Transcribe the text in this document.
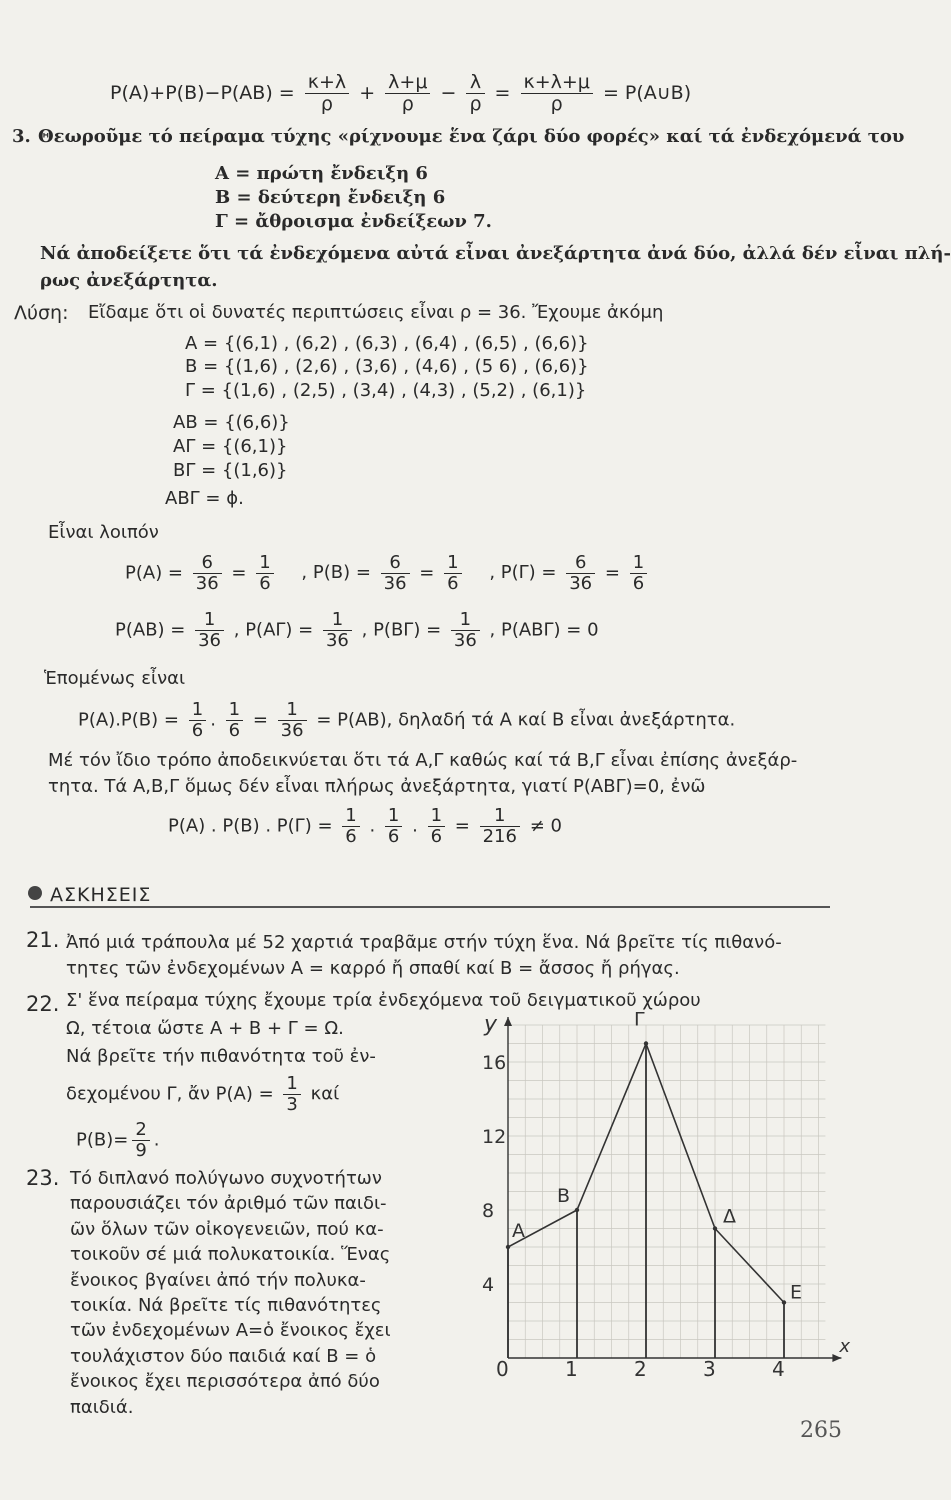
$P(A)+P(B)-P(AB) = \frac{\kappa+\lambda}{\rho} + \frac{\lambda+\mu}{\rho} - \frac{\lambda}{\rho} = \frac{\kappa+\lambda+\mu}{\rho}$ = P(A∪B)
3. Θεωροῦμε τό πείραμα τύχης «ρίχνουμε ἕνα ζάρι δύο φορές» καί τά ἐνδεχόμενά του
A = πρώτη ἔνδειξη 6
B = δεύτερη ἔνδειξη 6
Γ = ἄθροισμα ἐνδείξεων 7.
Νά ἀποδείξετε ὅτι τά ἐνδεχόμενα αὐτά εἶναι ἀνεξάρτητα ἀνά δύο, ἀλλά δέν εἶναι πλή-
ρως ἀνεξάρτητα.
Λύση: Εἴδαμε ὅτι οἱ δυνατές περιπτώσεις εἶναι ρ = 36. Ἔχουμε ἀκόμη
A = {(6,1) , (6,2) , (6,3) , (6,4) , (6,5) , (6,6)}
B = {(1,6) , (2,6) , (3,6) , (4,6) , (5 6) , (6,6)}
Γ = {(1,6) , (2,5) , (3,4) , (4,3) , (5,2) , (6,1)}
AB = {(6,6)}
AΓ = {(6,1)}
BΓ = {(1,6)}
ABΓ = ϕ.
Εἶναι λοιπόν
$P(A) = \frac{6}{36} = \frac{1}{6}$ , $P(B) = \frac{6}{36} = \frac{1}{6}$ , $P(\Gamma) = \frac{6}{36} = \frac{1}{6}$
$P(AB) = \frac{1}{36}$ , $P(A\Gamma) = \frac{1}{36}$ , $P(B\Gamma) = \frac{1}{36}$ , P(ABΓ) = 0
Ἑπομένως εἶναι
$P(A).P(B) = \frac{1}{6}$ . $\frac{1}{6} = \frac{1}{36} = P(AB)$, δηλαδή τά A καί B εἶναι ἀνεξάρτητα.
Μέ τόν ἴδιο τρόπο ἀποδεικνύεται ὅτι τά A,Γ καθώς καί τά B,Γ εἶναι ἐπίσης ἀνεξάρ-
τητα. Τά A,B,Γ ὅμως δέν εἶναι πλήρως ἀνεξάρτητα, γιατί P(ABΓ)=0, ἐνῶ
P(A) . P(B) . $P(\Gamma) = \frac{1}{6}$ . $\frac{1}{6}$ . $\frac{1}{6} = \frac{1}{216} \ne 0$
ΑΣΚΗΣΕΙΣ
21. Ἀπό μιά τράπουλα μέ 52 χαρτιά τραβᾶμε στήν τύχη ἕνα. Νά βρεῖτε τίς πιθανό-
τητες τῶν ἐνδεχομένων A = καρρό ἤ σπαθί καί B = ἄσσος ἤ ρήγας.
22. Σ' ἕνα πείραμα τύχης ἔχουμε τρία ἐνδεχόμενα τοῦ δειγματικοῦ χώρου
Ω, τέτοια ὥστε A + B + Γ = Ω.
Νά βρεῖτε τήν πιθανότητα τοῦ ἐν-
δεχομένου Γ, ἄν $P(A) = \frac{1}{3}$ καί
$P(B)= \frac{2}{9}$ .
23. Τό διπλανό πολύγωνο συχνοτήτων
παρουσιάζει τόν ἀριθμό τῶν παιδι-
ῶν ὅλων τῶν οἰκογενειῶν, πού κα-
τοικοῦν σέ μιά πολυκατοικία. Ἕνας
ἔνοικος βγαίνει ἀπό τήν πολυκα-
τοικία. Νά βρεῖτε τίς πιθανότητες
τῶν ἐνδεχομένων A=ὁ ἔνοικος ἔχει
τουλάχιστον δύο παιδιά καί B = ὁ
ἔνοικος ἔχει περισσότερα ἀπό δύο
παιδιά.
x
y
0	1	2	3	4
4
8
12
16
A
B
Γ
Δ
E
265
